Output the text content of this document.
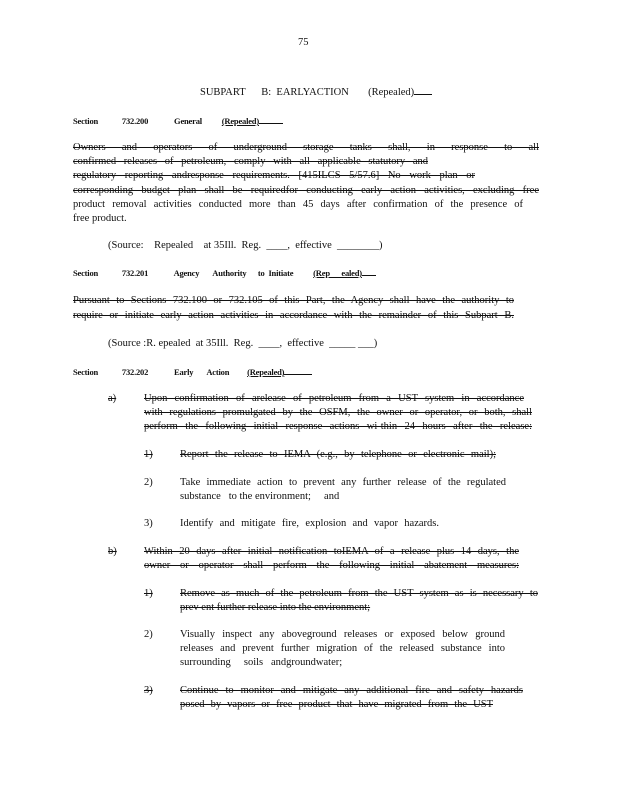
75
SUBPART      B:  EARLYACTION (Repealed)
Section	732.200	General (Repealed)
Owners and operators of underground storage tanks shall, in response to all
confirmed releases of petroleum, comply with all applicable statutory and
regulatory reporting andresponse requirements. [415ILCS 5/57.6] No work plan or
corresponding budget plan shall be requiredfor conducting early action activities, excluding free
product removal activities conducted more than 45 days after confirmation of the presence of
free product.
(Source:    Repealed    at 35Ill.  Reg.  ____,  effective  ________)
Section	732.201	Agency       Authority      to  Initiate (Rep      ealed)
Pursuant to Sections 732.100 or 732.105 of this Part, the Agency shall have the authority to
require or initiate early action activities in accordance with the remainder of this Subpart B.
(Source :R. epealed  at 35Ill.  Reg.  ____,  effective  _____ ___)
Section	732.202	Early       Action (Repealed)
a)	Upon confirmation of arelease of petroleum from a UST system in accordance
with regulations promulgated by the OSFM, the owner or operator, or both, shall
perform the following initial response actions wi-thin 24 hours after the release:
1)	Report the release to IEMA (e.g., by telephone or electronic mail);
2)	Take immediate action to prevent any further release of the regulated
substance   to the environment;     and
3)	Identify and mitigate fire, explosion and vapor hazards.
b)	Within 20 days after initial notification toIEMA of a release plus 14 days, the
owner or operator shall perform the following initial abatement measures:
1)	Remove as much of the petroleum from the UST system as is necessary to
prev ent further release into the environment;
2)	Visually inspect any aboveground releases or exposed below ground
releases and prevent further migration of the released substance into
surrounding     soils   andgroundwater;
3)	Continue to monitor and mitigate any additional fire and safety hazards
posed by vapors or free product that have migrated from the UST
